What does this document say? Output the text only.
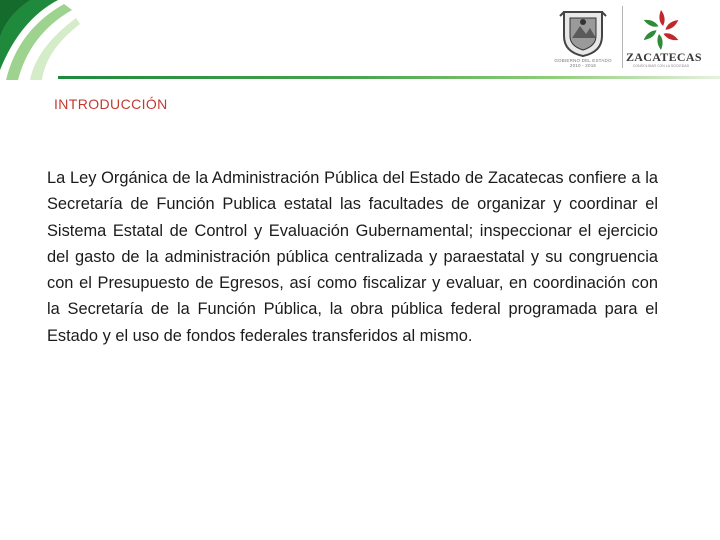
GOBIERNO DEL ESTADO
2010 - 2016
ZACATECAS
CONSOLIDAR CON LA SOCIEDAD
INTRODUCCIÓN

La Ley Orgánica de la Administración Pública del Estado de Zacatecas confiere a la Secretaría de Función Publica estatal las facultades de organizar y coordinar el Sistema Estatal de Control y Evaluación Gubernamental; inspeccionar el ejercicio del gasto de la administración pública centralizada y paraestatal y su congruencia con el Presupuesto de Egresos, así como fiscalizar y evaluar, en coordinación con la Secretaría de la Función Pública, la obra pública federal programada para el Estado y el uso de fondos federales transferidos al mismo.
